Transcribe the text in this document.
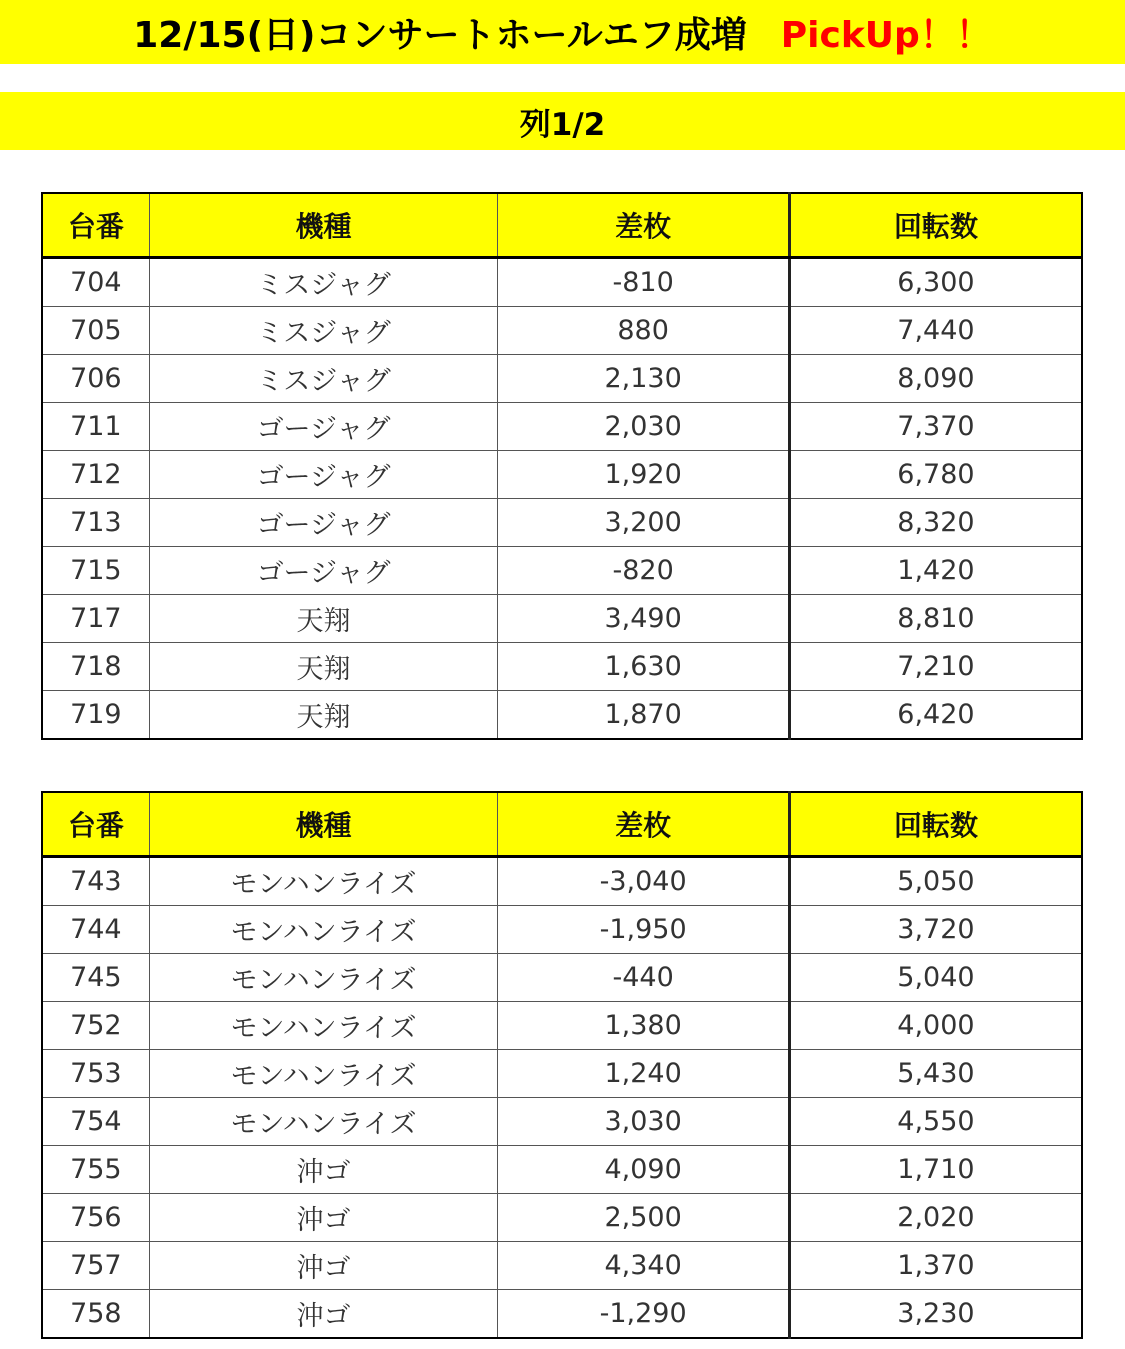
12/15(日)コンサートホールエフ成増 PickUp！！
列1/2
台番	機種	差枚	回転数
704	ミスジャグ	-810	6,300
705	ミスジャグ	880	7,440
706	ミスジャグ	2,130	8,090
711	ゴージャグ	2,030	7,370
712	ゴージャグ	1,920	6,780
713	ゴージャグ	3,200	8,320
715	ゴージャグ	-820	1,420
717	天翔	3,490	8,810
718	天翔	1,630	7,210
719	天翔	1,870	6,420
台番	機種	差枚	回転数
743	モンハンライズ	-3,040	5,050
744	モンハンライズ	-1,950	3,720
745	モンハンライズ	-440	5,040
752	モンハンライズ	1,380	4,000
753	モンハンライズ	1,240	5,430
754	モンハンライズ	3,030	4,550
755	沖ゴ	4,090	1,710
756	沖ゴ	2,500	2,020
757	沖ゴ	4,340	1,370
758	沖ゴ	-1,290	3,230
